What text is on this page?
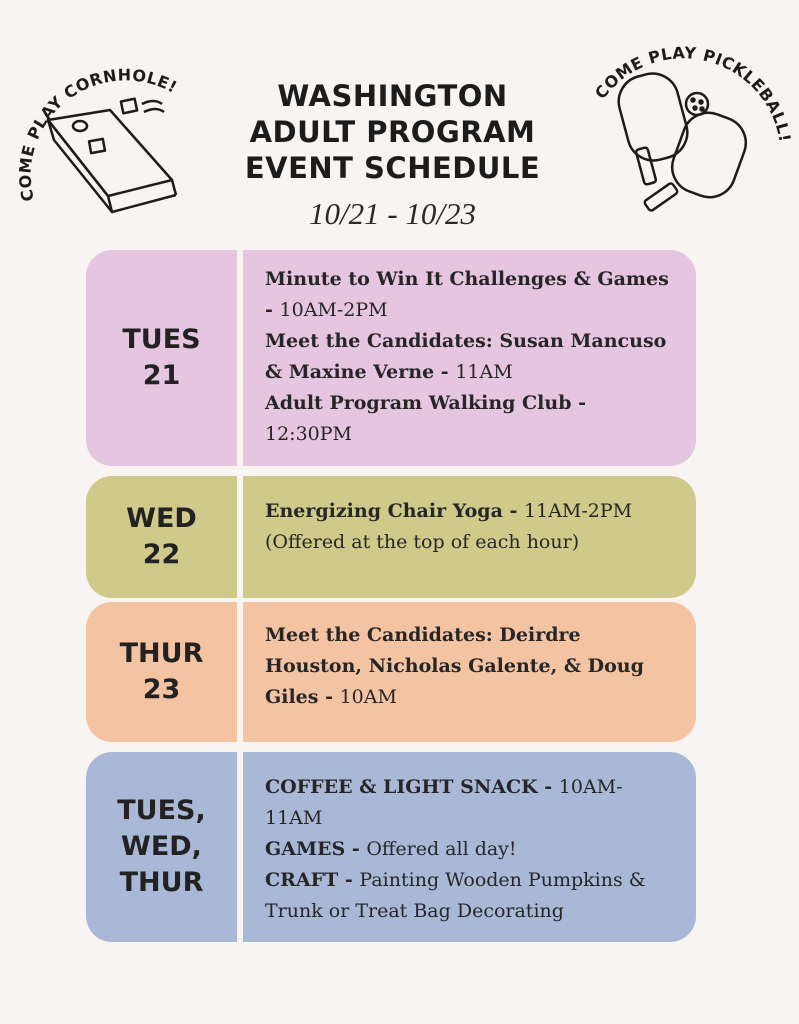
COME PLAY CORNHOLE!	WASHINGTON
ADULT PROGRAM
EVENT SCHEDULE
10/21 - 10/23
COME PLAY PICKLEBALL!
TUES
21

Minute to Win It Challenges & Games - 10AM-2PM

Meet the Candidates: Susan Mancuso & Maxine Verne - 11AM

Adult Program Walking Club - 12:30PM

WED
22

Energizing Chair Yoga - 11AM-2PM

(Offered at the top of each hour)

THUR
23

Meet the Candidates: Deirdre Houston, Nicholas Galente, & Doug Giles - 10AM

TUES,
WED,
THUR

COFFEE & LIGHT SNACK - 10AM-11AM

GAMES - Offered all day!

CRAFT - Painting Wooden Pumpkins & Trunk or Treat Bag Decorating
